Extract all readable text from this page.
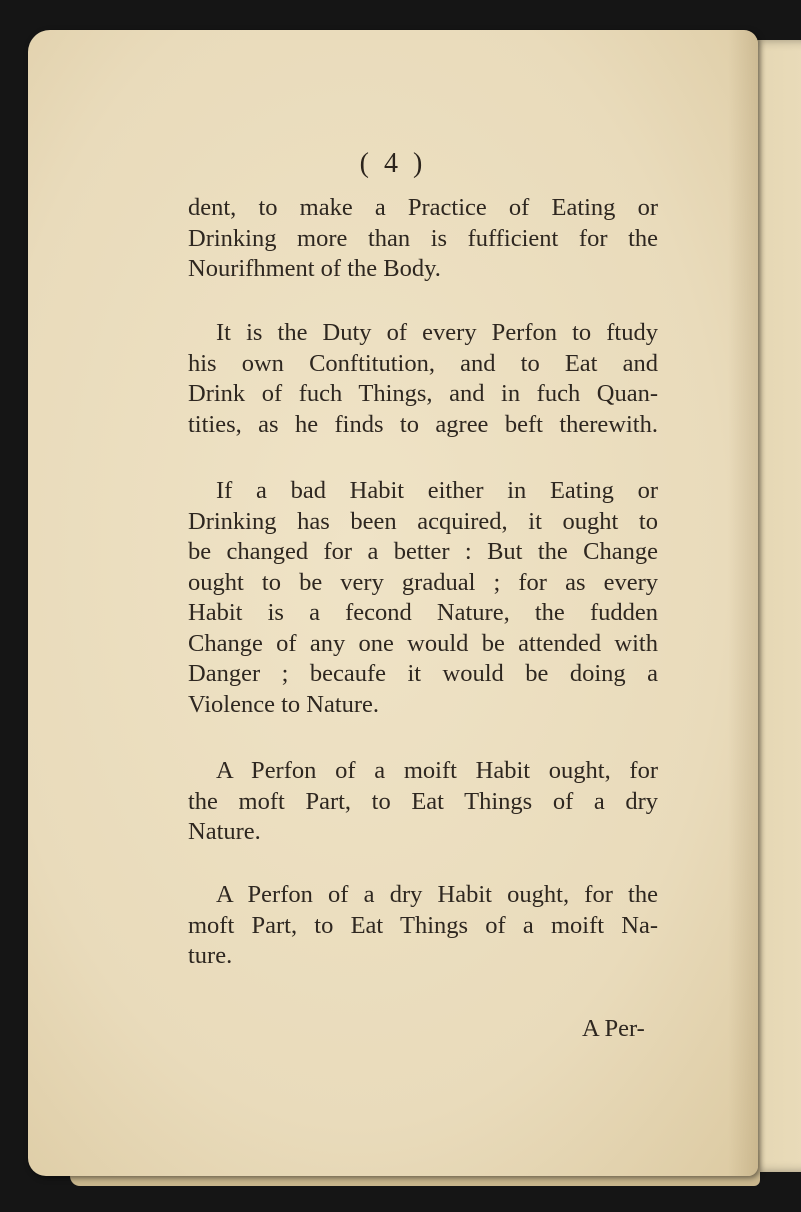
( 4 )
dent, to make a Practice of Eating or
Drinking more than is fufficient for the
Nourifhment of the Body.
It is the Duty of every Perfon to ftudy
his own Conftitution, and to Eat and
Drink of fuch Things, and in fuch Quan-
tities, as he finds to agree beft therewith.
If a bad Habit either in Eating or
Drinking has been acquired, it ought to
be changed for a better : But the Change
ought to be very gradual ; for as every
Habit is a fecond Nature, the fudden
Change of any one would be attended with
Danger ; becaufe it would be doing a
Violence to Nature.
A Perfon of a moift Habit ought, for
the moft Part, to Eat Things of a dry
Nature.
A Perfon of a dry Habit ought, for the
moft Part, to Eat Things of a moift Na-
ture.
A Per-
